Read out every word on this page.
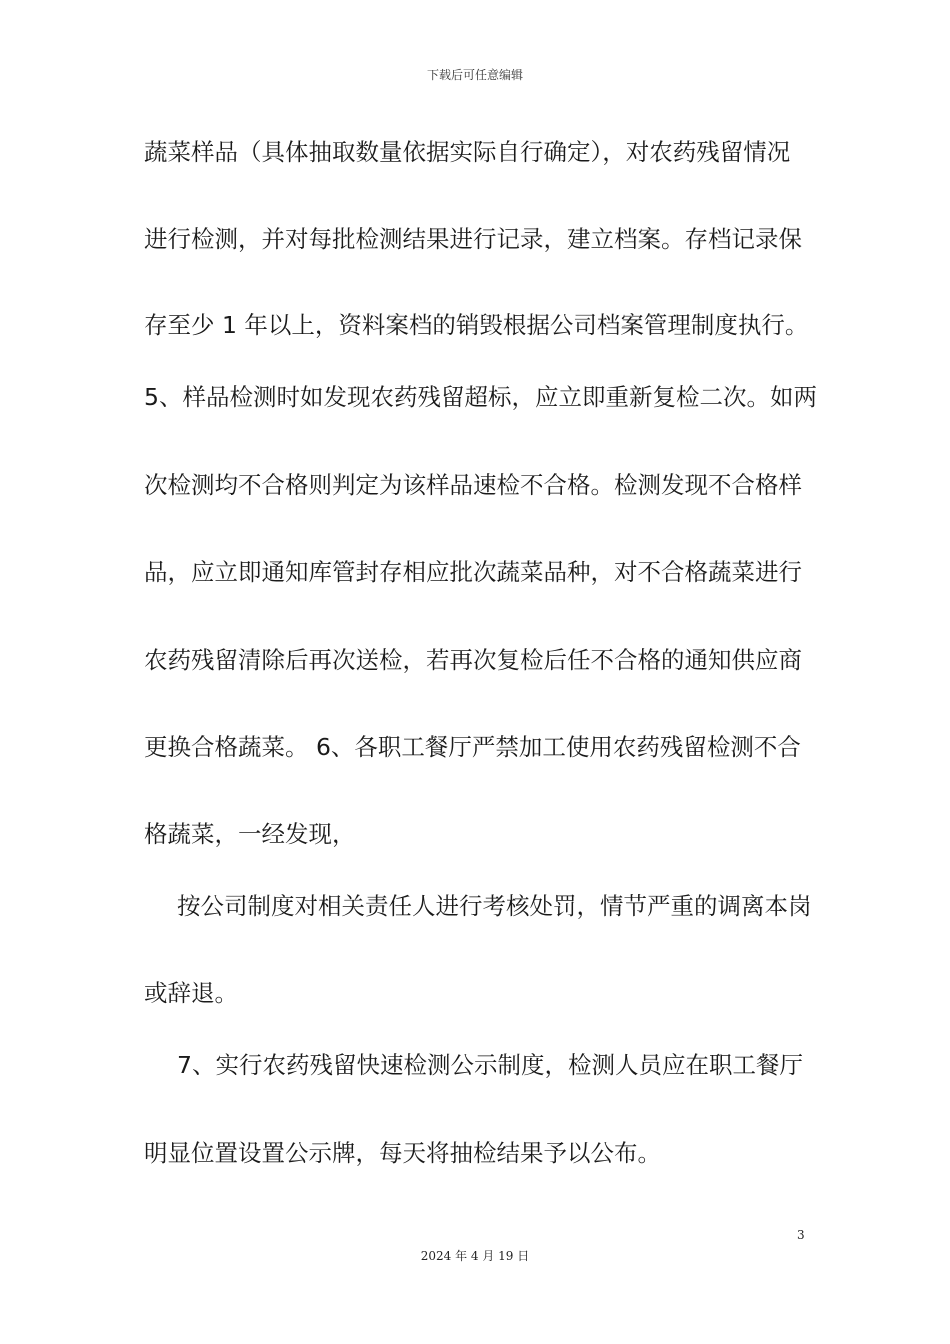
下载后可任意编辑
蔬菜样品（具体抽取数量依据实际自行确定），对农药残留情况
进行检测，并对每批检测结果进行记录，建立档案。存档记录保
存至少 1 年以上，资料案档的销毁根据公司档案管理制度执行。
5、样品检测时如发现农药残留超标，应立即重新复检二次。如两
次检测均不合格则判定为该样品速检不合格。检测发现不合格样
品，应立即通知库管封存相应批次蔬菜品种，对不合格蔬菜进行
农药残留清除后再次送检，若再次复检后任不合格的通知供应商
更换合格蔬菜。 6、各职工餐厅严禁加工使用农药残留检测不合
格蔬菜，一经发现，
按公司制度对相关责任人进行考核处罚，情节严重的调离本岗
或辞退。
7、实行农药残留快速检测公示制度，检测人员应在职工餐厅
明显位置设置公示牌，每天将抽检结果予以公布。
3
2024 年 4 月 19 日
